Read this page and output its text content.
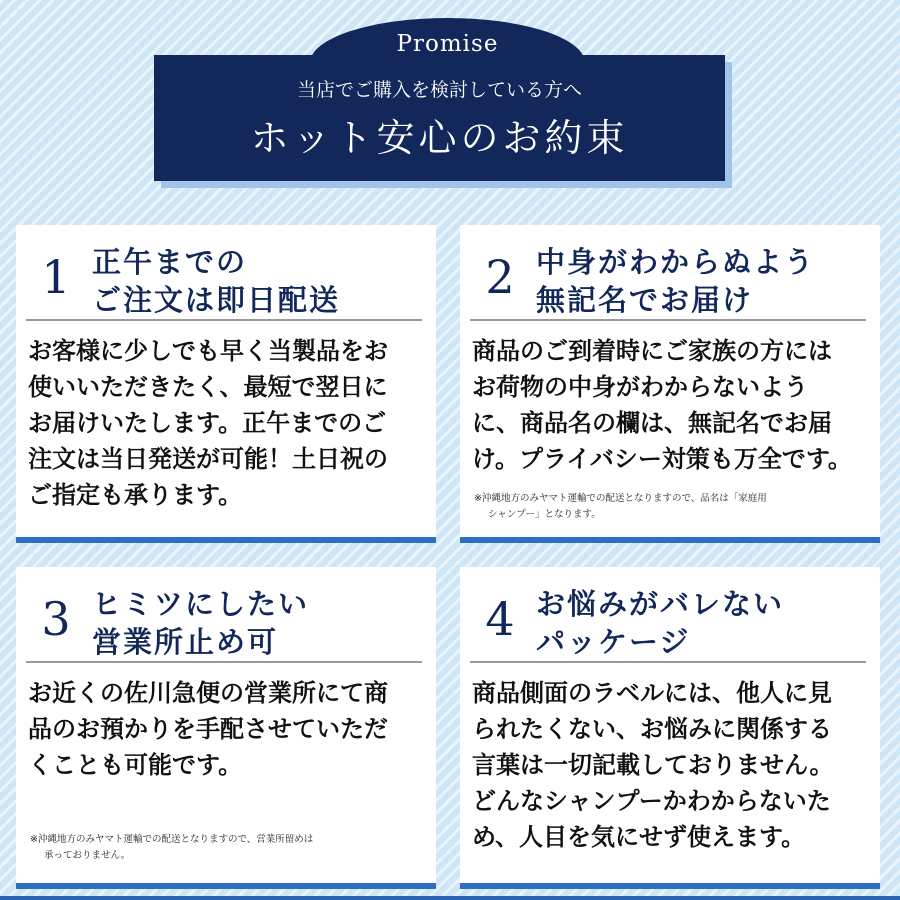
Promise
当店でご購入を検討している方へ
ホット安心のお約束
1 正午までの
ご注文は即日配送
お客様に少しでも早く当製品をお
使いいただきたく、最短で翌日に
お届けいたします。正午までのご
注文は当日発送が可能！土日祝の
ご指定も承ります。
2 中身がわからぬよう
無記名でお届け
商品のご到着時にご家族の方には
お荷物の中身がわからないよう
に、商品名の欄は、無記名でお届
け。プライバシー対策も万全です。
※沖縄地方のみヤマト運輸での配送となりますので、品名は「家庭用
シャンプー」となります。
3 ヒミツにしたい
営業所止め可
お近くの佐川急便の営業所にて商
品のお預かりを手配させていただ
くことも可能です。
※沖縄地方のみヤマト運輸での配送となりますので、営業所留めは
承っておりません。
4 お悩みがバレない
パッケージ
商品側面のラベルには、他人に見
られたくない、お悩みに関係する
言葉は一切記載しておりません。
どんなシャンプーかわからないた
め、人目を気にせず使えます。
